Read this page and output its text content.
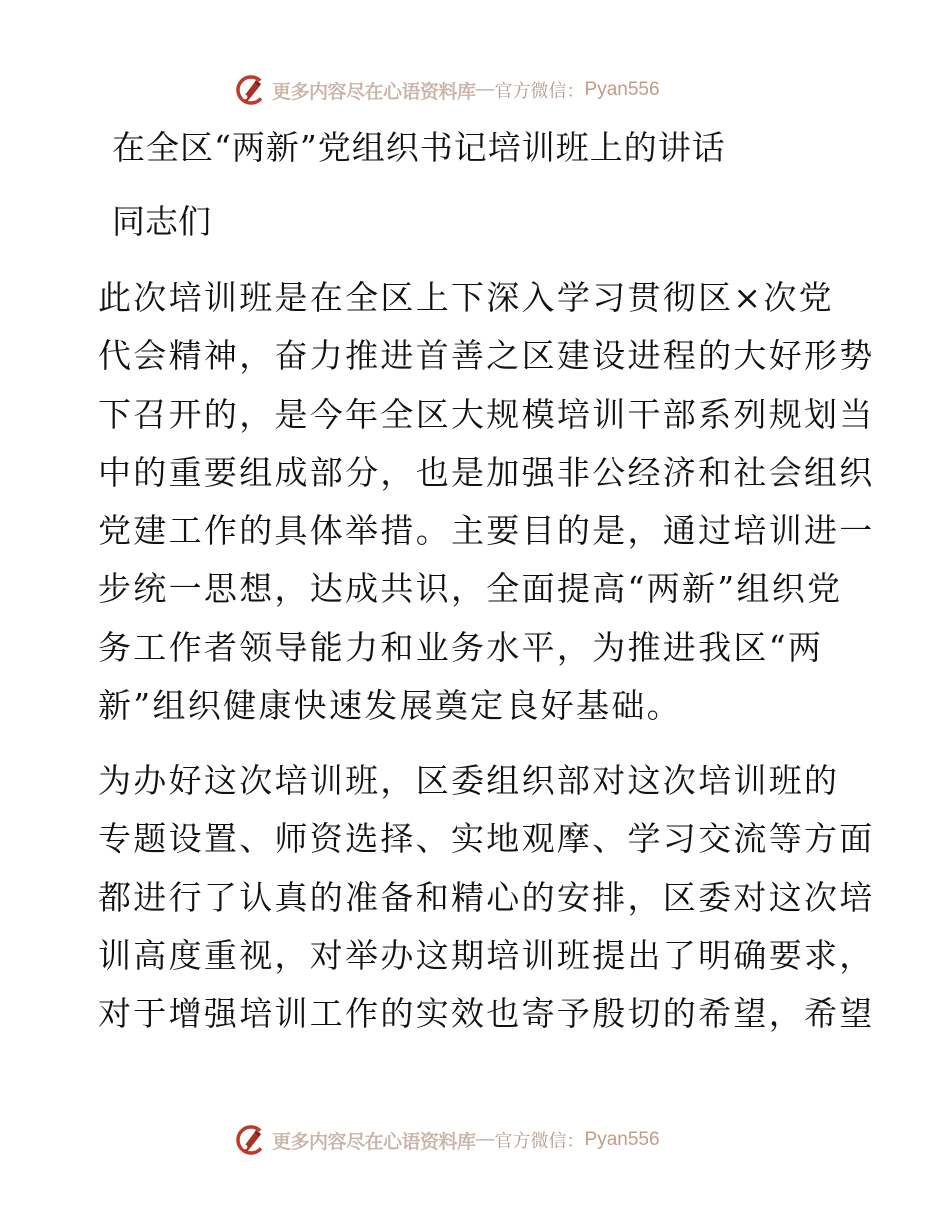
更多内容尽在心语资料库 — 官方微信： Pyan556
在全区“两新”党组织书记培训班上的讲话
同志们
此次培训班是在全区上下深入学习贯彻区×次党
代会精神，奋力推进首善之区建设进程的大好形势
下召开的，是今年全区大规模培训干部系列规划当
中的重要组成部分，也是加强非公经济和社会组织
党建工作的具体举措。主要目的是，通过培训进一
步统一思想，达成共识，全面提高“两新”组织党
务工作者领导能力和业务水平，为推进我区“两
新”组织健康快速发展奠定良好基础。
为办好这次培训班，区委组织部对这次培训班的
专题设置、师资选择、实地观摩、学习交流等方面
都进行了认真的准备和精心的安排，区委对这次培
训高度重视，对举办这期培训班提出了明确要求，
对于增强培训工作的实效也寄予殷切的希望，希望
更多内容尽在心语资料库 — 官方微信： Pyan556
